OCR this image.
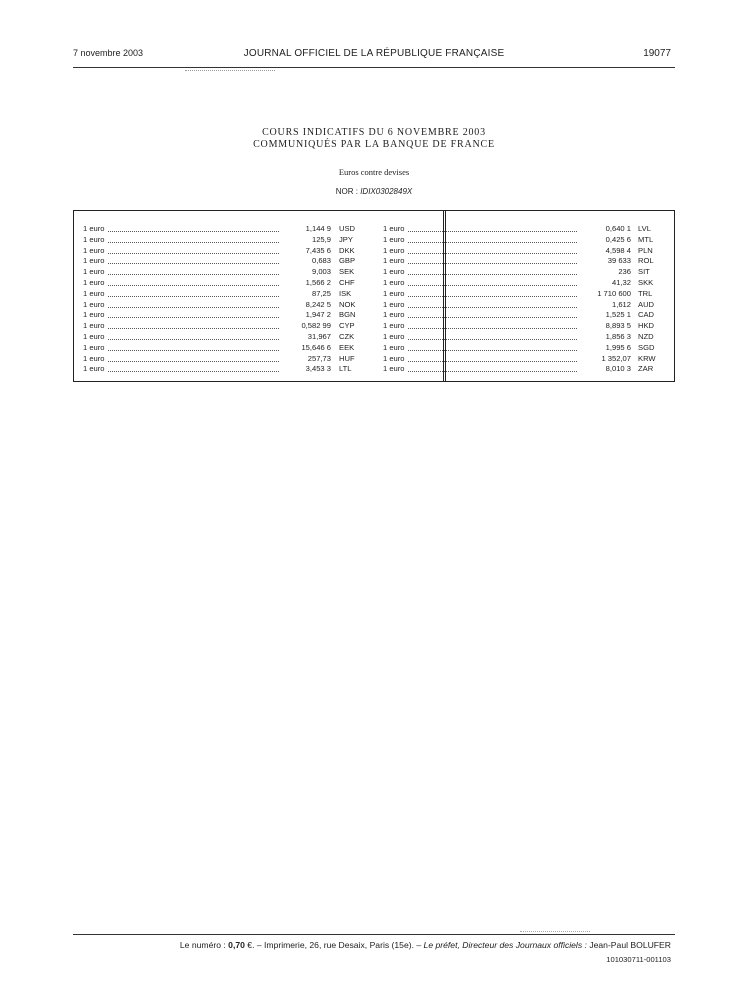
7 novembre 2003	JOURNAL OFFICIEL DE LA RÉPUBLIQUE FRANÇAISE	19077
COURS INDICATIFS DU 6 NOVEMBRE 2003
COMMUNIQUÉS PAR LA BANQUE DE FRANCE
Euros contre devises
NOR : IDIX0302849X
1 euro	1,144 9 USD
1 euro	125,9 JPY
1 euro	7,435 6 DKK
1 euro	0,683 GBP
1 euro	9,003 SEK
1 euro	1,566 2 CHF
1 euro	87,25 ISK
1 euro	8,242 5 NOK
1 euro	1,947 2 BGN
1 euro	0,582 99 CYP
1 euro	31,967 CZK
1 euro	15,646 6 EEK
1 euro	257,73 HUF
1 euro	3,453 3 LTL
1 euro	0,640 1 LVL
1 euro	0,425 6 MTL
1 euro	4,598 4 PLN
1 euro	39 633 ROL
1 euro	236 SIT
1 euro	41,32 SKK
1 euro	1 710 600 TRL
1 euro	1,612 AUD
1 euro	1,525 1 CAD
1 euro	8,893 5 HKD
1 euro	1,856 3 NZD
1 euro	1,995 6 SGD
1 euro	1 352,07 KRW
1 euro	8,010 3 ZAR
Le numéro : 0,70 €. – Imprimerie, 26, rue Desaix, Paris (15e). – Le préfet, Directeur des Journaux officiels : Jean-Paul BOLUFER
101030711-001103
